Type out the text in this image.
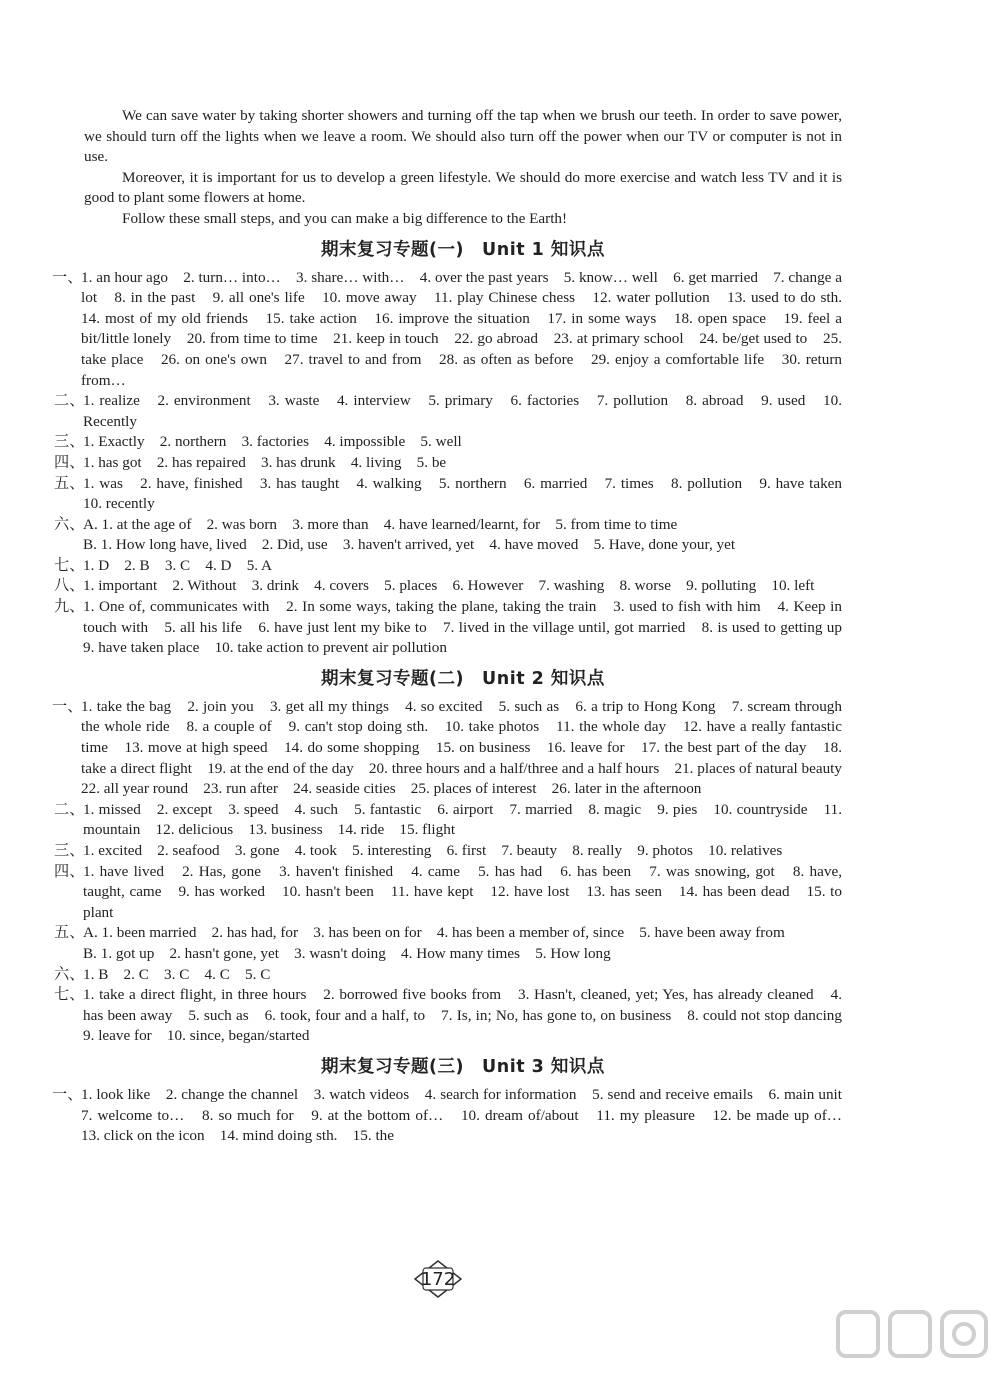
We can save water by taking shorter showers and turning off the tap when we brush our teeth. In order to save power, we should turn off the lights when we leave a room. We should also turn off the power when our TV or computer is not in use.

Moreover, it is important for us to develop a green lifestyle. We should do more exercise and watch less TV and it is good to plant some flowers at home.

Follow these small steps, and you can make a big difference to the Earth!

期末复习专题(一)　Unit 1 知识点
一、
1. an hour ago　2. turn… into…　3. share… with…　4. over the past years　5. know… well　6. get married　7. change a lot　8. in the past　9. all one's life　10. move away　11. play Chinese chess　12. water pollution　13. used to do sth.　14. most of my old friends　15. take action　16. improve the situation　17. in some ways　18. open space　19. feel a bit/little lonely　20. from time to time　21. keep in touch　22. go abroad　23. at primary school　24. be/get used to　25. take place　26. on one's own　27. travel to and from　28. as often as before　29. enjoy a comfortable life　30. return from…
二、
1. realize　2. environment　3. waste　4. interview　5. primary　6. factories　7. pollution　8. abroad　9. used　10. Recently
三、
1. Exactly　2. northern　3. factories　4. impossible　5. well
四、
1. has got　2. has repaired　3. has drunk　4. living　5. be
五、
1. was　2. have, finished　3. has taught　4. walking　5. northern　6. married　7. times　8. pollution　9. have taken　10. recently
六、
A. 1. at the age of　2. was born　3. more than　4. have learned/learnt, for　5. from time to time
B. 1. How long have, lived　2. Did, use　3. haven't arrived, yet　4. have moved　5. Have, done your, yet
七、
1. D　2. B　3. C　4. D　5. A
八、
1. important　2. Without　3. drink　4. covers　5. places　6. However　7. washing　8. worse　9. polluting　10. left
九、
1. One of, communicates with　2. In some ways, taking the plane, taking the train　3. used to fish with him　4. Keep in touch with　5. all his life　6. have just lent my bike to　7. lived in the village until, got married　8. is used to getting up　9. have taken place　10. take action to prevent air pollution
期末复习专题(二)　Unit 2 知识点
一、
1. take the bag　2. join you　3. get all my things　4. so excited　5. such as　6. a trip to Hong Kong　7. scream through the whole ride　8. a couple of　9. can't stop doing sth.　10. take photos　11. the whole day　12. have a really fantastic time　13. move at high speed　14. do some shopping　15. on business　16. leave for　17. the best part of the day　18. take a direct flight　19. at the end of the day　20. three hours and a half/three and a half hours　21. places of natural beauty　22. all year round　23. run after　24. seaside cities　25. places of interest　26. later in the afternoon
二、
1. missed　2. except　3. speed　4. such　5. fantastic　6. airport　7. married　8. magic　9. pies　10. countryside　11. mountain　12. delicious　13. business　14. ride　15. flight
三、
1. excited　2. seafood　3. gone　4. took　5. interesting　6. first　7. beauty　8. really　9. photos　10. relatives
四、
1. have lived　2. Has, gone　3. haven't finished　4. came　5. has had　6. has been　7. was snowing, got　8. have, taught, came　9. has worked　10. hasn't been　11. have kept　12. have lost　13. has seen　14. has been dead　15. to plant
五、
A. 1. been married　2. has had, for　3. has been on for　4. has been a member of, since　5. have been away from
B. 1. got up　2. hasn't gone, yet　3. wasn't doing　4. How many times　5. How long
六、
1. B　2. C　3. C　4. C　5. C
七、
1. take a direct flight, in three hours　2. borrowed five books from　3. Hasn't, cleaned, yet; Yes, has already cleaned　4. has been away　5. such as　6. took, four and a half, to　7. Is, in; No, has gone to, on business　8. could not stop dancing　9. leave for　10. since, began/started
期末复习专题(三)　Unit 3 知识点
一、
1. look like　2. change the channel　3. watch videos　4. search for information　5. send and receive emails　6. main unit　7. welcome to…　8. so much for　9. at the bottom of…　10. dream of/about　11. my pleasure　12. be made up of…　13. click on the icon　14. mind doing sth.　15. the
172
